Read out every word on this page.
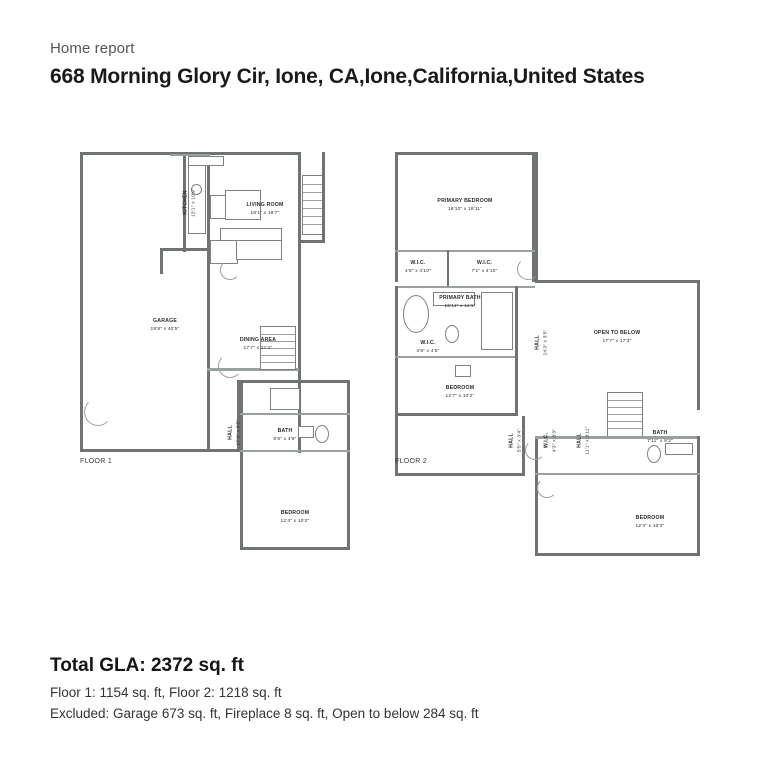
Home report
668 Morning Glory Cir, Ione, CA,Ione,California,United States
GARAGE
19'8" x 40'5"
LIVING ROOM
18'1" x 18'7"
DINING AREA
17'7" x 21'4"
BATH
8'8" x 4'9"
BEDROOM
12'4" x 10'2"
KITCHEN 13'1" x 10'9"
HALL 17'3" x 5'5"
FLOOR 1
PRIMARY BEDROOM
19'10" x 18'11"
W.I.C.
4'8" x 4'10"
W.I.C.
7'1" x 4'10"
PRIMARY BATH
15'11" x 11'1"
W.I.C.
4'9" x 4'5"
OPEN TO BELOW
17'7" x 17'3"
BEDROOM
12'7" x 10'2"
BATH
7'11" x 9'3"
BEDROOM
12'4" x 10'3"
W.I.C. 4'3" x 3'3"
HALL 24'3" x 3'5"
HALL 5'5" x 3'4"	HALL 11'1" x 3'11"
FLOOR 2
Total GLA: 2372 sq. ft
Floor 1: 1154 sq. ft, Floor 2: 1218 sq. ft
Excluded: Garage 673 sq. ft, Fireplace 8 sq. ft, Open to below 284 sq. ft
